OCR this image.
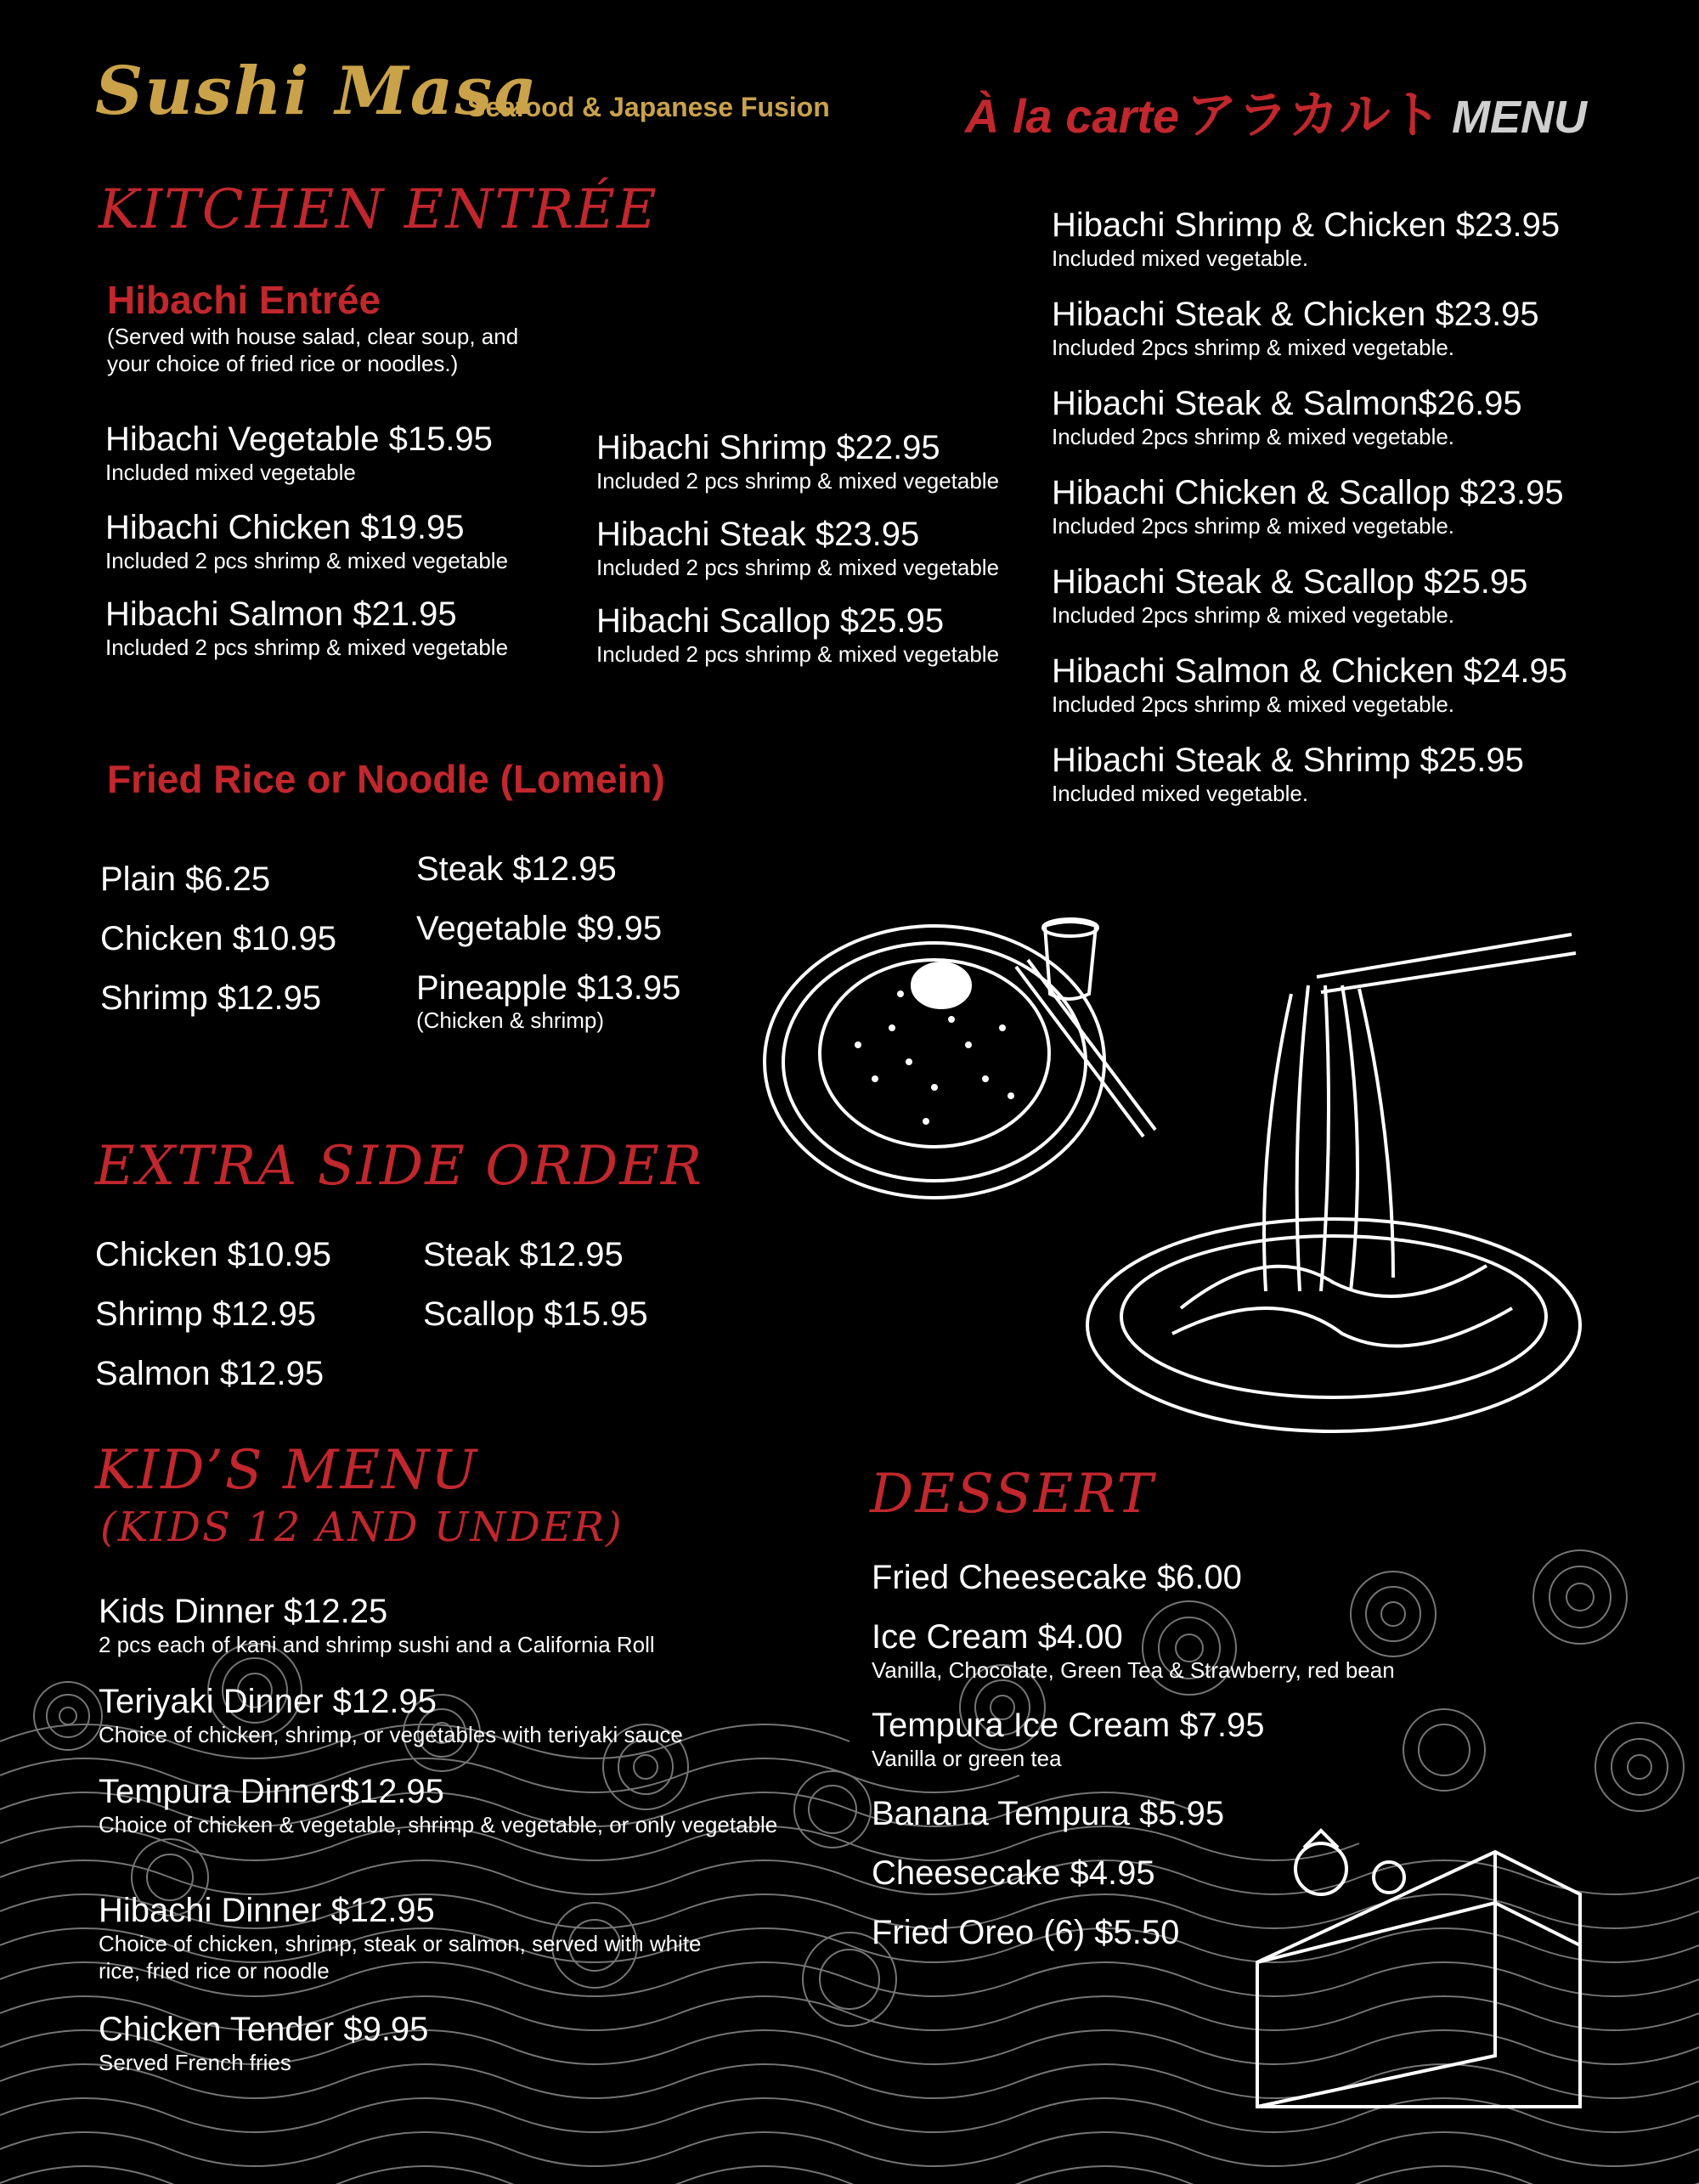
Sushi Masa
Seafood & Japanese Fusion	À la carte アラカルト MENU
KITCHEN ENTRÉE
Hibachi Entrée
(Served with house salad, clear soup, and your choice of fried rice or noodles.)
Hibachi Vegetable $15.95
Included mixed vegetable
Hibachi Chicken $19.95
Included 2 pcs shrimp & mixed vegetable
Hibachi Salmon $21.95
Included 2 pcs shrimp & mixed vegetable
Hibachi Shrimp $22.95
Included 2 pcs shrimp & mixed vegetable
Hibachi Steak $23.95
Included 2 pcs shrimp & mixed vegetable
Hibachi Scallop $25.95
Included 2 pcs shrimp & mixed vegetable
Hibachi Shrimp & Chicken $23.95
Included mixed vegetable.
Hibachi Steak & Chicken $23.95
Included 2pcs shrimp & mixed vegetable.
Hibachi Steak & Salmon$26.95
Included 2pcs shrimp & mixed vegetable.
Hibachi Chicken & Scallop $23.95
Included 2pcs shrimp & mixed vegetable.
Hibachi Steak & Scallop $25.95
Included 2pcs shrimp & mixed vegetable.
Hibachi Salmon & Chicken $24.95
Included 2pcs shrimp & mixed vegetable.
Hibachi Steak & Shrimp $25.95
Included mixed vegetable.
Fried Rice or Noodle (Lomein)
Plain $6.25
Chicken $10.95
Shrimp $12.95
Steak $12.95
Vegetable $9.95
Pineapple $13.95
(Chicken & shrimp)
EXTRA SIDE ORDER
Chicken $10.95
Shrimp $12.95
Salmon $12.95
Steak $12.95
Scallop $15.95
KID’S MENU
(KIDS 12 AND UNDER)
Kids Dinner $12.25
2 pcs each of kani and shrimp sushi and a California Roll
Teriyaki Dinner $12.95
Choice of chicken, shrimp, or vegetables with teriyaki sauce
Tempura Dinner$12.95
Choice of chicken & vegetable, shrimp & vegetable, or only vegetable
Hibachi Dinner $12.95
Choice of chicken, shrimp, steak or salmon, served with white rice, fried rice or noodle
Chicken Tender $9.95
Served French fries
DESSERT
Fried Cheesecake $6.00
Ice Cream $4.00
Vanilla, Chocolate, Green Tea & Strawberry, red bean
Tempura Ice Cream $7.95
Vanilla or green tea
Banana Tempura $5.95
Cheesecake $4.95
Fried Oreo (6) $5.50
